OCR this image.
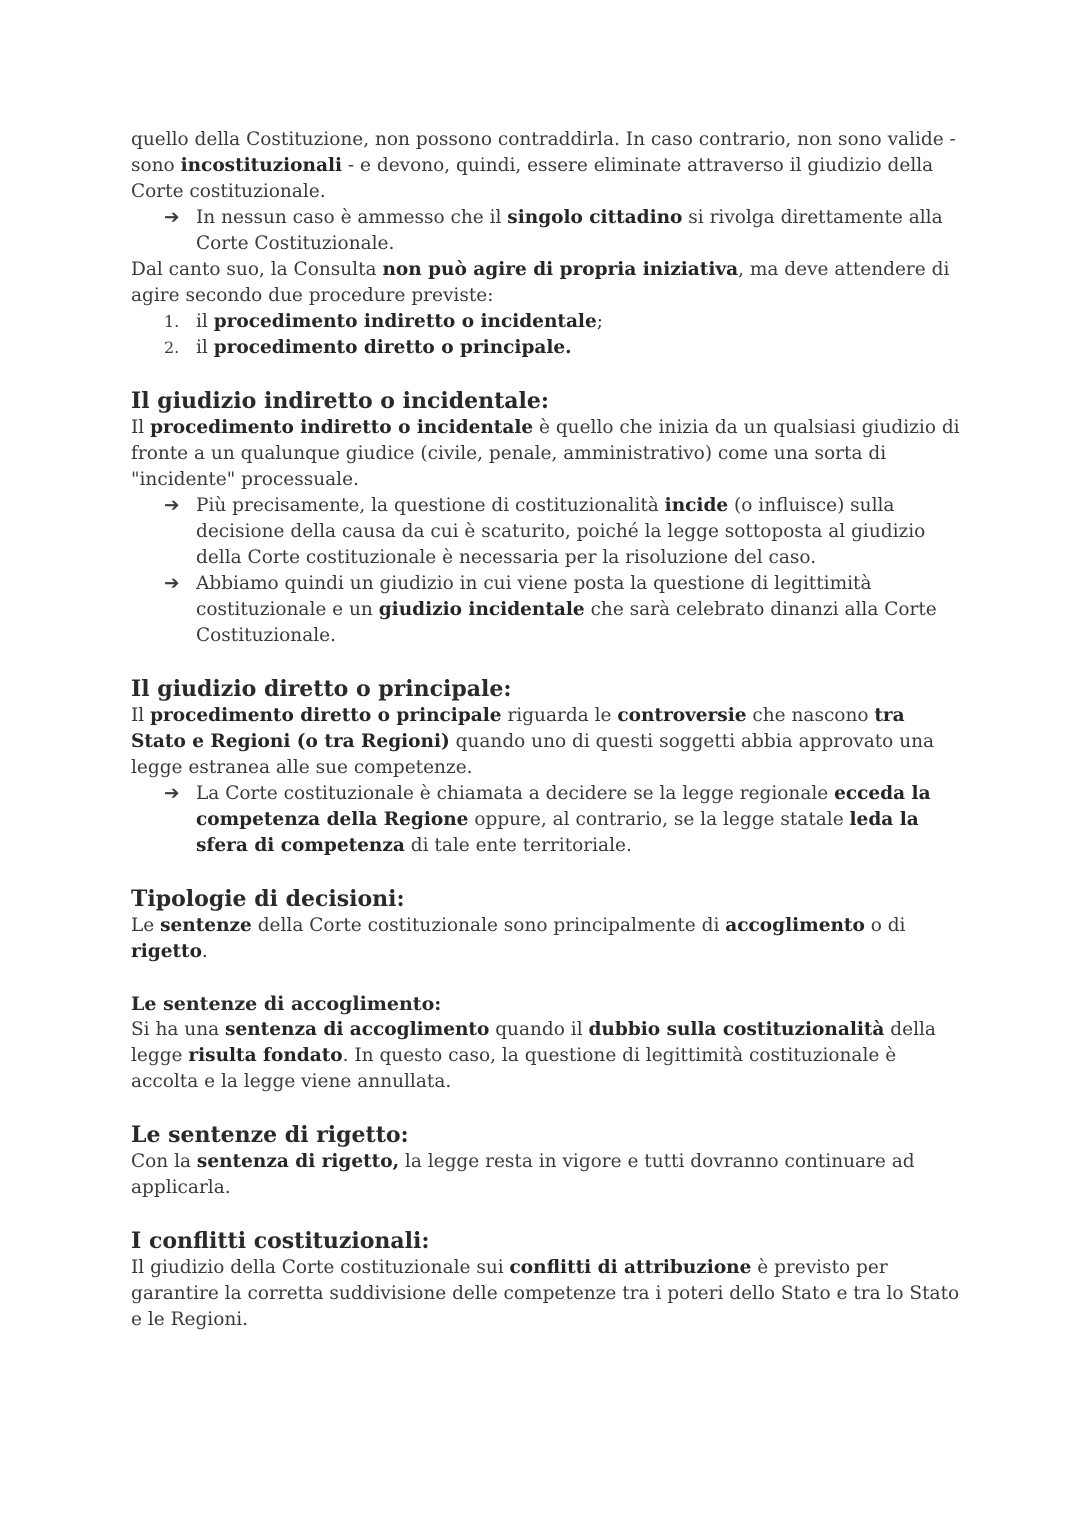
quello della Costituzione, non possono contraddirla. In caso contrario, non sono valide - sono incostituzionali - e devono, quindi, essere eliminate attraverso il giudizio della Corte costituzionale.

➔ In nessun caso è ammesso che il singolo cittadino si rivolga direttamente alla Corte Costituzionale.

Dal canto suo, la Consulta non può agire di propria iniziativa, ma deve attendere di agire secondo due procedure previste:

1. il procedimento indiretto o incidentale;
2. il procedimento diretto o principale.
Il giudizio indiretto o incidentale:

Il procedimento indiretto o incidentale è quello che inizia da un qualsiasi giudizio di fronte a un qualunque giudice (civile, penale, amministrativo) come una sorta di "incidente" processuale.

➔ Più precisamente, la questione di costituzionalità incide (o influisce) sulla decisione della causa da cui è scaturito, poiché la legge sottoposta al giudizio della Corte costituzionale è necessaria per la risoluzione del caso.
➔ Abbiamo quindi un giudizio in cui viene posta la questione di legittimità costituzionale e un giudizio incidentale che sarà celebrato dinanzi alla Corte Costituzionale.
Il giudizio diretto o principale:

Il procedimento diretto o principale riguarda le controversie che nascono tra Stato e Regioni (o tra Regioni) quando uno di questi soggetti abbia approvato una legge estranea alle sue competenze.

➔ La Corte costituzionale è chiamata a decidere se la legge regionale ecceda la competenza della Regione oppure, al contrario, se la legge statale leda la sfera di competenza di tale ente territoriale.
Tipologie di decisioni:

Le sentenze della Corte costituzionale sono principalmente di accoglimento o di rigetto.

Le sentenze di accoglimento:

Si ha una sentenza di accoglimento quando il dubbio sulla costituzionalità della legge risulta fondato. In questo caso, la questione di legittimità costituzionale è accolta e la legge viene annullata.

Le sentenze di rigetto:

Con la sentenza di rigetto, la legge resta in vigore e tutti dovranno continuare ad applicarla.

I conflitti costituzionali:

Il giudizio della Corte costituzionale sui conflitti di attribuzione è previsto per garantire la corretta suddivisione delle competenze tra i poteri dello Stato e tra lo Stato e le Regioni.
